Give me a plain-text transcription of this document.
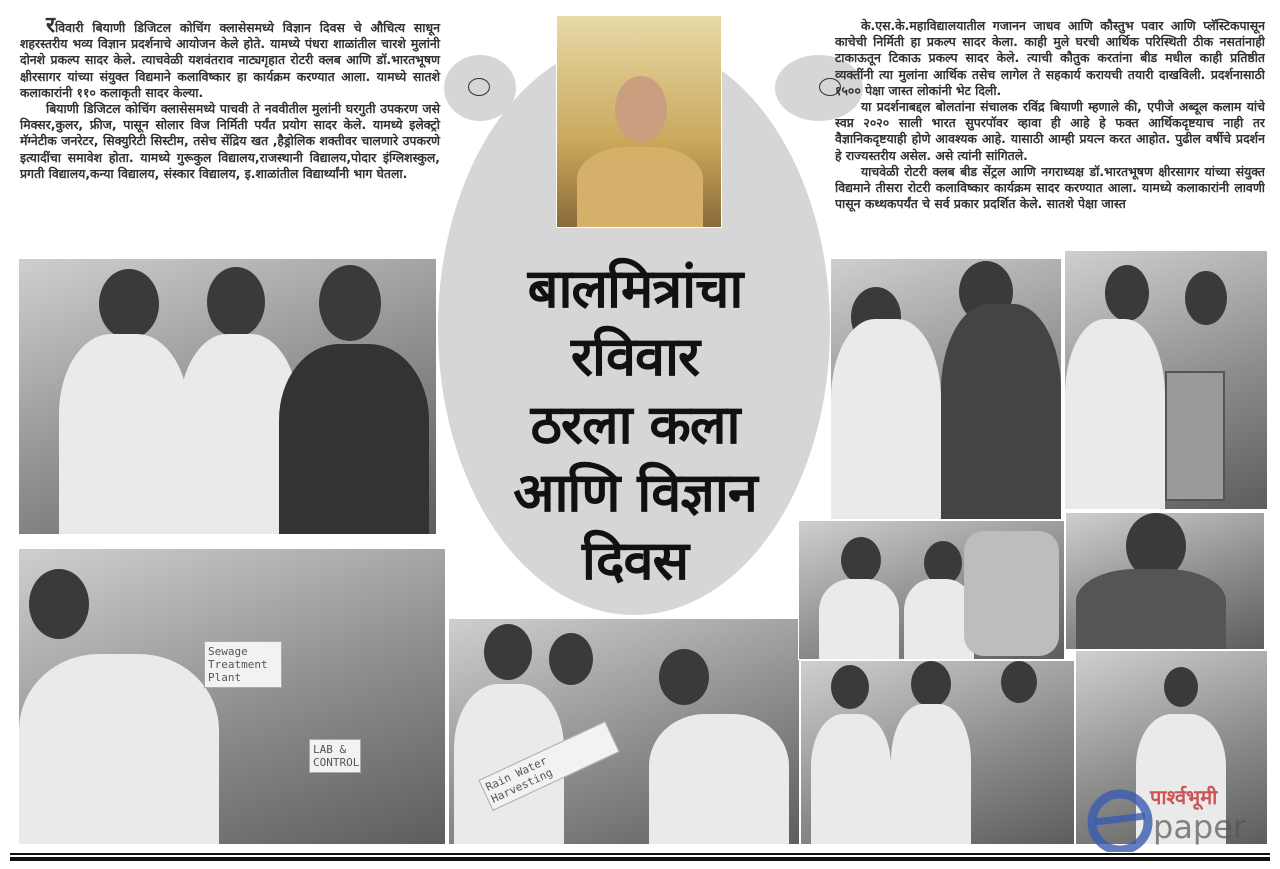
रविवारी बियाणी डिजिटल कोचिंग क्लासेसमध्ये विज्ञान दिवस चे औचित्य साधून शहरस्तरीय भव्य विज्ञान प्रदर्शनाचे आयोजन केले होते. यामध्ये पंधरा शाळांतील चारशे मुलांनी दोनशे प्रकल्प सादर केले. त्याचवेळी यशवंतराव नाट्यगृहात रोटरी क्लब आणि डॉ.भारतभूषण क्षीरसागर यांच्या संयुक्त विद्यमाने कलाविष्कार हा कार्यक्रम करण्यात आला. यामध्ये सातशे कलाकारांनी ११० कलाकृती सादर केल्या.

बियाणी डिजिटल कोचिंग क्लासेसमध्ये पाचवी ते नववीतील मुलांनी घरगुती उपकरण जसे मिक्सर,कुलर, फ्रीज, पासून सोलार विज निर्मिती पर्यंत प्रयोग सादर केले. यामध्ये इलेक्ट्रो मॅग्नेटीक जनरेटर, सिक्युरिटी सिस्टीम, तसेच सेंद्रिय खत ,हैड्रोलिक शक्तीवर चालणारे उपकरणे इत्यादींचा समावेश होता. यामध्ये गुरूकुल विद्यालय,राजस्थानी विद्यालय,पोदार इंग्लिशस्कुल, प्रगती विद्यालय,कन्या विद्यालय, संस्कार विद्यालय, इ.शाळांतील विद्यार्थ्यांनी भाग घेतला.

के.एस.के.महाविद्यालयातील गजानन जाधव आणि कौस्तुभ पवार आणि प्लॅस्टिकपासून काचेची निर्मिती हा प्रकल्प सादर केला. काही मुले घरची आर्थिक परिस्थिती ठीक नसतांनाही टाकाऊतून टिकाऊ प्रकल्प सादर केले. त्याची कौतुक करतांना बीड मधील काही प्रतिष्ठीत व्यक्तींनी त्या मुलांना आर्थिक तसेच लागेल ते सहकार्य करायची तयारी दाखविली. प्रदर्शनासाठी १५०० पेक्षा जास्त लोकांनी भेट दिली.

या प्रदर्शनाबद्दल बोलतांना संचालक रविंद्र बियाणी म्हणाले की, एपीजे अब्दूल कलाम यांचे स्वप्न २०२० साली भारत सुपरपॉवर व्हावा ही आहे हे फक्त आर्थिकदृष्टयाच नाही तर वैज्ञानिकदृष्टयाही होणे आवश्यक आहे. यासाठी आम्ही प्रयत्न करत आहोत. पुढील वर्षीचे प्रदर्शन हे राज्यस्तरीय असेल. असे त्यांनी सांगितले.

याचवेळी रोटरी क्लब बीड सेंट्रल आणि नगराध्यक्ष डॉ.भारतभूषण क्षीरसागर यांच्या संयुक्त विद्यमाने तीसरा रोटरी कलाविष्कार कार्यक्रम सादर करण्यात आला. यामध्ये कलाकारांनी लावणी पासून कथ्थकपर्यंत चे सर्व प्रकार प्रदर्शित केले. सातशे पेक्षा जास्त

बालमित्रांचा
रविवार
ठरला कला
आणि विज्ञान
दिवस
Sewage Treatment Plant
LAB & CONTROL	Rain Water Harvesting	पार्श्वभूमी
paper
